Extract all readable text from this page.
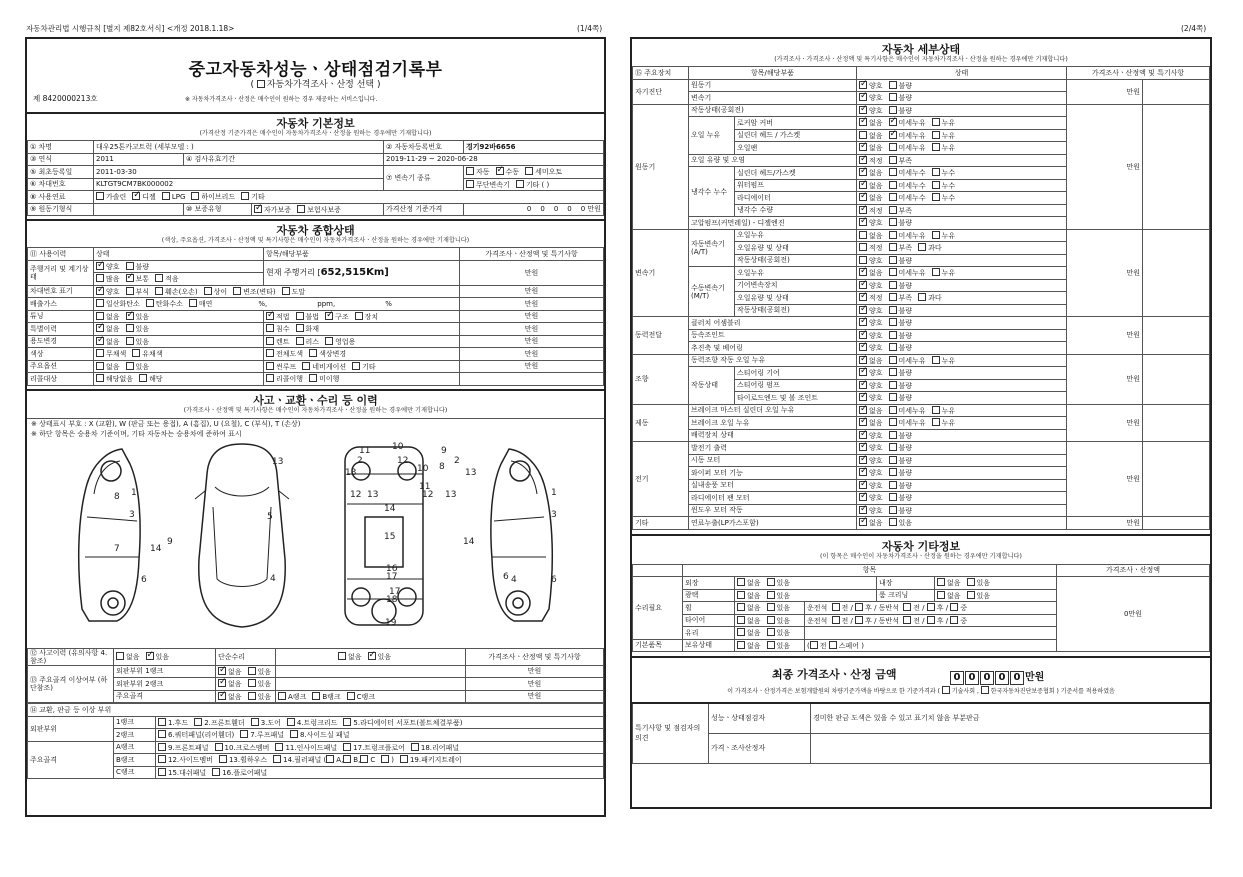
자동차관리법 시행규칙 [별지 제82호서식] <개정 2018.1.18>	(1/4쪽)	(2/4쪽)
중고자동차성능ㆍ상태점검기록부
( 자동차가격조사ㆍ산정 선택 )
제 8420000213호	※ 자동차가격조사ㆍ산정은 매수인이 원하는 경우 제공하는 서비스입니다.
자동차 기본정보
(가격산정 기준가격은 매수인이 자동차가격조사ㆍ산정을 원하는 경우에만 기재합니다)
① 차명	대우25톤카고트럭 (세부모델 : )			② 자동차등록번호	경기92바6656
③ 연식	2011	④ 검사유효기간		2019-11-29 ~ 2020-06-28	
⑤ 최초등록일	2011-03-30			⑦ 변속기 종류	자동 ✓ 수동 세미오토
⑥ 차대번호	KLTGT9CM7BK000002				무단변속기 기타 ( )
⑧ 사용연료	가솔린 ✓ 디젤 LPG 하이브리드 기타
⑨ 원동기형식		⑩ 보증유형	✓자가보증 보험사보증	가격산정 기준가격	0 0 0 0 0 만원
자동차 종합상태
(색상, 주요옵션, 가격조사ㆍ산정액 및 특기사항은 매수인이 자동차가격조사ㆍ산정을 원하는 경우에만 기재합니다)
⑪ 사용이력	상태	항목/해당부품	가격조사ㆍ산정액 및 특기사항
주행거리 및 계기상태	✓양호 불량	현재 주행거리 [652,515Km]	만원
	많음 ✓ 보통 적음
차대번호 표기	✓양호 부식 훼손(오손) 상이 변조(변타) 도말		만원
배출가스	일산화탄소 탄화수소 매연 %, ppm, %		만원
튜닝	없음 ✓ 있음	✓적법 불법 ✓ 구조 장치	만원
특별이력	✓없음 있음	침수 화재	만원
용도변경	✓없음 있음	렌트 리스 영업용	만원
색상	무채색 유채색	전체도색 색상변경	만원
주요옵션	없음 있음	썬루프 네비게이션 기타	만원
리콜대상	해당없음 해당	리콜이행 미이행	
사고ㆍ교환ㆍ수리 등 이력
(가격조사ㆍ산정액 및 특기사항은 매수인이 자동차가격조사ㆍ산정을 원하는 경우에만 기재합니다)
※ 상태표시 부호 : X (교환), W (판금 또는 용접), A (흠집), U (요철), C (부식), T (손상)
※ 하단 항목은 승용차 기준이며, 기타 자동차는 승용차에 준하여 표시
13
1
3
4
5
6
7
9
10
11
12
13
14
15
16
17
18
19
1
3
4
6
8
9
11
13
14
17
6
2	2
12
13
14
8
10
12 13
⑫ 사고이력 (유의사항 4.참조)	없음 ✓ 있음	단순수리	없음 ✓ 있음	가격조사ㆍ산정액 및 특기사항
⑬ 주요골격 이상여부 (하단참조)	외판부위 1랭크	✓없음 있음		만원
	외판부위 2랭크	✓없음 있음		만원
	주요골격	✓없음 있음	A랭크 B랭크 C랭크	만원
⑭ 교환, 판금 등 이상 부위		
외판부위	1랭크	1.후드 2.프론트휀더 3.도어 4.트렁크리드 5.라디에이터 서포트(볼트체결부품)
	2랭크	6.쿼터패널(리어휀더) 7.루프패널 8.사이드실 패널
주요골격	A랭크	9.프론트패널 10.크로스멤버 11.인사이드패널 17.트렁크플로어 18.리어패널
	B랭크	12.사이드멤버 13.휠하우스 14.필러패널 ( A, B, C ) 19.패키지트레이
	C랭크	15.대쉬패널 16.플로어패널
자동차 세부상태
(가격조사ㆍ가격조사ㆍ산정액 및 특기사항은 매수인이 자동차가격조사ㆍ산정을 원하는 경우에만 기재합니다)
⑮ 주요장치	항목/해당부품		상태	가격조사ㆍ산정액 및 특기사항	
자기진단	원동기	✓양호 불량	만원	
	변속기	✓양호 불량
원동기	작동상태(공회전)	✓양호 불량	만원	
	오일 누유	로커암 커버	✓없음 ✓ 미세누유 누유
		실린더 헤드 / 가스켓	없음 ✓ 미세누유 누유
		오일팬	✓없음 미세누유 누유
	오일 유량 및 오염	✓적정 부족
	냉각수 누수	실린더 헤드/가스켓	✓없음 미세누수 누수
		워터펌프	✓없음 미세누수 누수
		라디에이터	✓없음 미세누수 누수
		냉각수 수량	✓적정 부족
	고압펌프(커먼레일) - 디젤엔진	✓양호 불량
변속기	자동변속기 (A/T)	오일누유	없음 미세누유 누유	만원	
		오일유량 및 상태	적정 부족 과다		
		작동상태(공회전)	양호 불량		
	수동변속기 (M/T)	오일누유	✓없음 미세누유 누유
		기어변속장치	✓양호 불량
		오일유량 및 상태	✓적정 부족 과다
		작동상태(공회전)	✓양호 불량
동력전달	클러치 어셈블리	✓양호 불량	만원	
	등속조인트	✓양호 불량
	추진축 및 베어링	✓양호 불량
조향	동력조향 작동 오일 누유	✓없음 미세누유 누유	만원	
	작동상태	스티어링 기어	✓양호 불량
		스티어링 펌프	✓양호 불량
		타이로드엔드 및 볼 조인트	✓양호 불량
제동	브레이크 마스터 실린더 오일 누유	✓없음 미세누유 누유	만원	
	브레이크 오일 누유	✓없음 미세누유 누유
	배력장치 상태	✓양호 불량
전기	발전기 출력	✓양호 불량	만원	
	시동 모터	✓양호 불량
	와이퍼 모터 기능	✓양호 불량
	실내송풍 모터	✓양호 불량
	라디에이터 팬 모터	✓양호 불량
	윈도우 모터 작동	✓양호 불량
기타	연료누출(LP가스포함)	✓없음 있음	만원	
자동차 기타정보
(이 항목은 매수인이 자동차가격조사ㆍ산정을 원하는 경우에만 기재합니다)
	항목					가격조사ㆍ산정액
수리필요	외장	없음 있음		내장	없음 있음	0만원
	광택	없음 있음		룸 크리닝	없음 있음	
	휠	없음 있음	운전석 전 / 후 / 동반석 전 / 후 / 중			
	타이어	없음 있음	운전석 전 / 후 / 동반석 전 / 후 / 중			
	유리	없음 있음				
기본품목	보유상태	없음 있음	( 전 스페어 )			
최종 가격조사ㆍ산정 금액	0 0 0 0 0 만원
이 가격조사ㆍ산정가격은 보험개발원의 차량기준가액을 바탕으로 한 기준가격과 ( 기술사회 , 한국자동차진단보증협회 ) 기준서를 적용하였음
특기사항 및 점검자의 의견	성능ㆍ상태점검자	경미한 판금 도색은 있을 수 있고 표기치 않음 부분판금
	가격ㆍ조사산정자	
